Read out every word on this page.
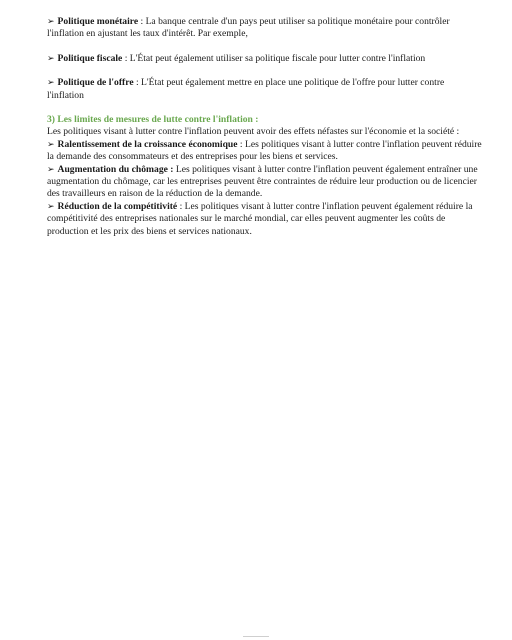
➢ Politique monétaire : La banque centrale d'un pays peut utiliser sa politique monétaire pour contrôler l'inflation en ajustant les taux d'intérêt. Par exemple,

➢ Politique fiscale : L'État peut également utiliser sa politique fiscale pour lutter contre l'inflation

➢ Politique de l'offre : L'État peut également mettre en place une politique de l'offre pour lutter contre l'inflation

3) Les limites de mesures de lutte contre l'inflation :

Les politiques visant à lutter contre l'inflation peuvent avoir des effets néfastes sur l'économie et la société :

➢ Ralentissement de la croissance économique : Les politiques visant à lutter contre l'inflation peuvent réduire la demande des consommateurs et des entreprises pour les biens et services.

➢ Augmentation du chômage : Les politiques visant à lutter contre l'inflation peuvent également entraîner une augmentation du chômage, car les entreprises peuvent être contraintes de réduire leur production ou de licencier des travailleurs en raison de la réduction de la demande.

➢ Réduction de la compétitivité : Les politiques visant à lutter contre l'inflation peuvent également réduire la compétitivité des entreprises nationales sur le marché mondial, car elles peuvent augmenter les coûts de production et les prix des biens et services nationaux.
